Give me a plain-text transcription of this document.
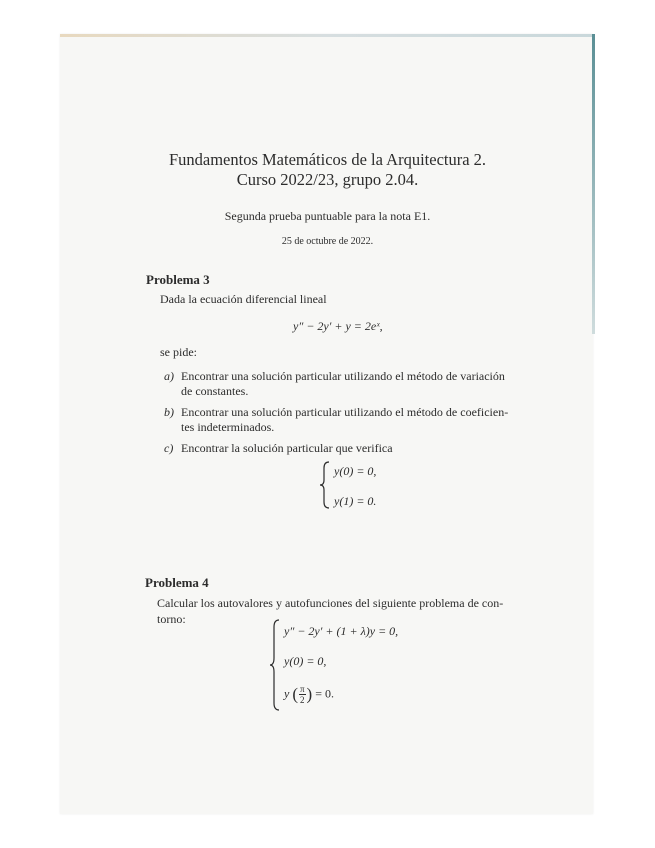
Fundamentos Matemáticos de la Arquitectura 2.
Curso 2022/23, grupo 2.04.
Segunda prueba puntuable para la nota E1.
25 de octubre de 2022.
Problema 3
Dada la ecuación diferencial lineal
y″ − 2y′ + y = 2eˣ,
se pide:
a) Encontrar una solución particular utilizando el método de variación
de constantes.
b) Encontrar una solución particular utilizando el método de coeficien-
tes indeterminados.
c) Encontrar la solución particular que verifica
y(0) = 0,
y(1) = 0.
Problema 4
Calcular los autovalores y autofunciones del siguiente problema de con-
torno:
y″ − 2y′ + (1 + λ)y = 0,
y(0) = 0,
y ( $\frac{\pi}{2}$ ) = 0.
